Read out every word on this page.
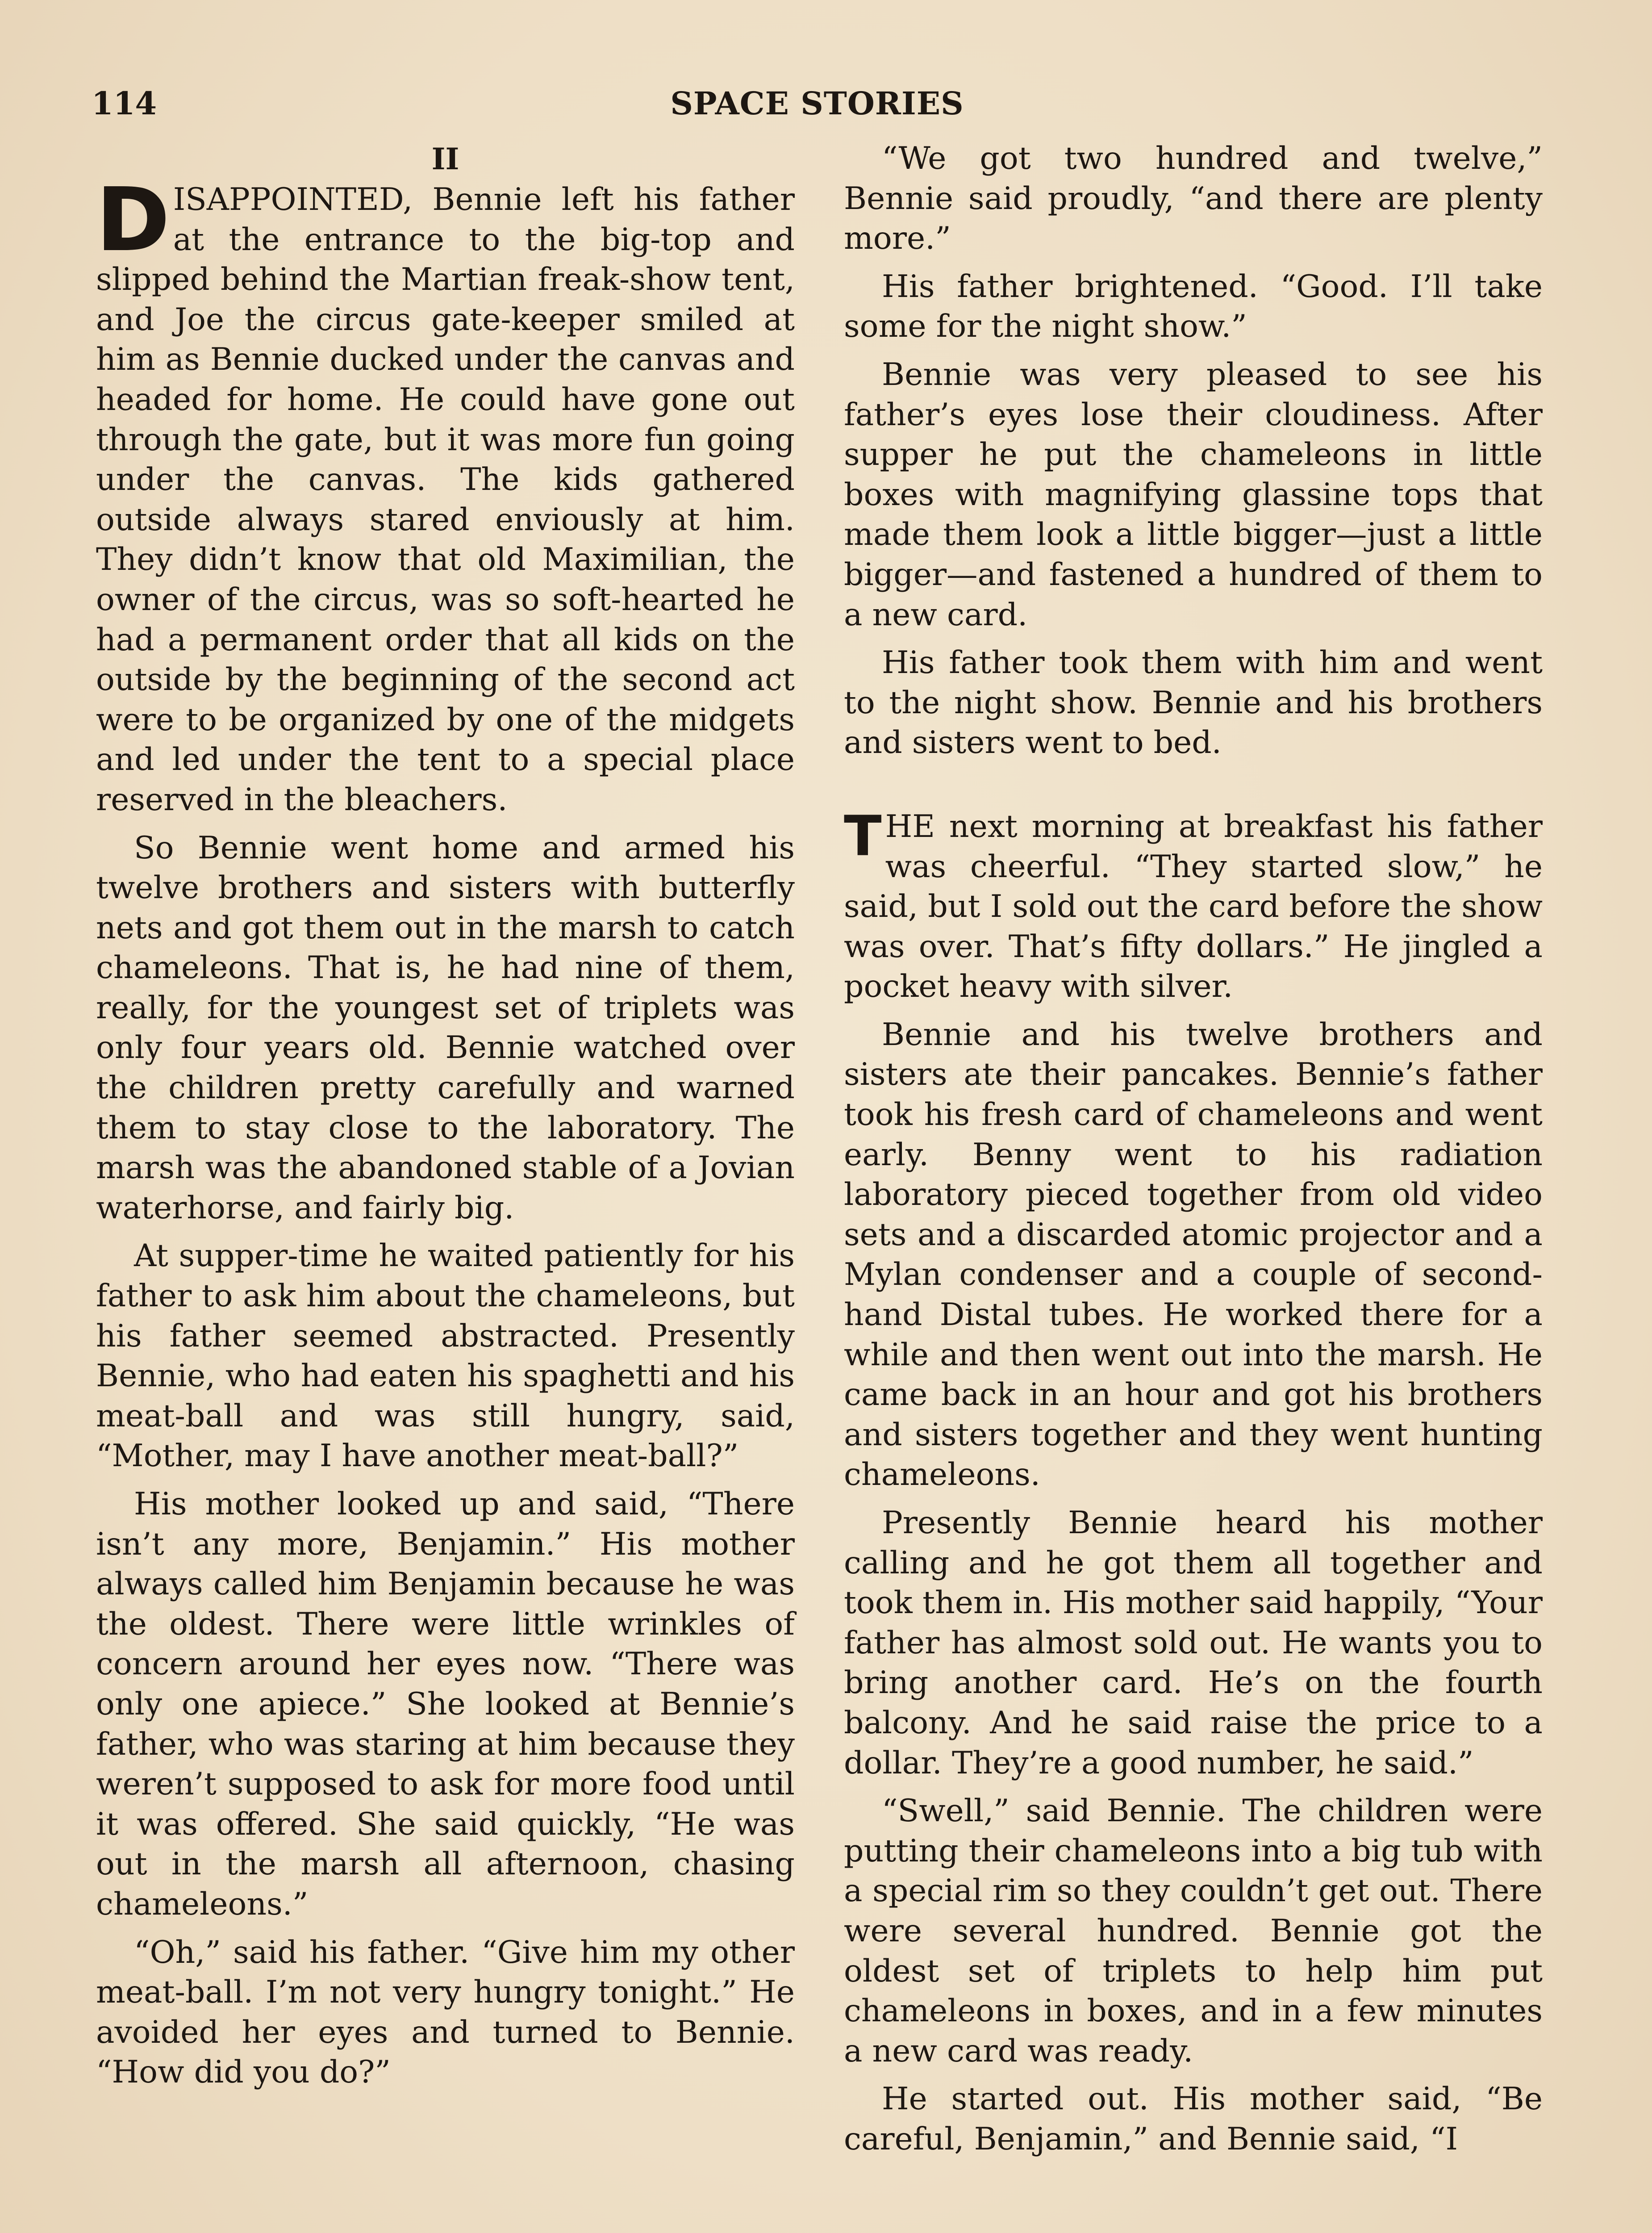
114	SPACE STORIES
II

DISAPPOINTED, Bennie left his father at the entrance to the big-top and slipped behind the Martian freak-show tent, and Joe the circus gate-keeper smiled at him as Bennie ducked under the canvas and headed for home. He could have gone out through the gate, but it was more fun going under the canvas. The kids gathered outside always stared enviously at him. They didn’t know that old Maximilian, the owner of the circus, was so soft-hearted he had a permanent order that all kids on the outside by the beginning of the second act were to be organized by one of the midgets and led under the tent to a special place reserved in the bleachers.

So Bennie went home and armed his twelve brothers and sisters with butterfly nets and got them out in the marsh to catch chameleons. That is, he had nine of them, really, for the youngest set of triplets was only four years old. Bennie watched over the children pretty carefully and warned them to stay close to the laboratory. The marsh was the abandoned stable of a Jovian waterhorse, and fairly big.

At supper-time he waited patiently for his father to ask him about the chameleons, but his father seemed abstracted. Presently Bennie, who had eaten his spaghetti and his meat-ball and was still hungry, said, “Mother, may I have another meat-ball?”

His mother looked up and said, “There isn’t any more, Benjamin.” His mother always called him Benjamin because he was the oldest. There were little wrinkles of concern around her eyes now. “There was only one apiece.” She looked at Bennie’s father, who was staring at him because they weren’t supposed to ask for more food until it was offered. She said quickly, “He was out in the marsh all afternoon, chasing chameleons.”

“Oh,” said his father. “Give him my other meat-ball. I’m not very hungry tonight.” He avoided her eyes and turned to Bennie. “How did you do?”

“We got two hundred and twelve,” Bennie said proudly, “and there are plenty more.”

His father brightened. “Good. I’ll take some for the night show.”

Bennie was very pleased to see his father’s eyes lose their cloudiness. After supper he put the chameleons in little boxes with magnifying glassine tops that made them look a little bigger—just a little bigger—and fastened a hundred of them to a new card.

His father took them with him and went to the night show. Bennie and his brothers and sisters went to bed.

THE next morning at breakfast his father was cheerful. “They started slow,” he said, but I sold out the card before the show was over. That’s fifty dollars.” He jingled a pocket heavy with silver.

Bennie and his twelve brothers and sisters ate their pancakes. Bennie’s father took his fresh card of chameleons and went early. Benny went to his radiation laboratory pieced together from old video sets and a discarded atomic projector and a Mylan condenser and a couple of second-hand Distal tubes. He worked there for a while and then went out into the marsh. He came back in an hour and got his brothers and sisters together and they went hunting chameleons.

Presently Bennie heard his mother calling and he got them all together and took them in. His mother said happily, “Your father has almost sold out. He wants you to bring another card. He’s on the fourth balcony. And he said raise the price to a dollar. They’re a good number, he said.”

“Swell,” said Bennie. The children were putting their chameleons into a big tub with a special rim so they couldn’t get out. There were several hundred. Bennie got the oldest set of triplets to help him put chameleons in boxes, and in a few minutes a new card was ready.

He started out. His mother said, “Be careful, Benjamin,” and Bennie said, “I
